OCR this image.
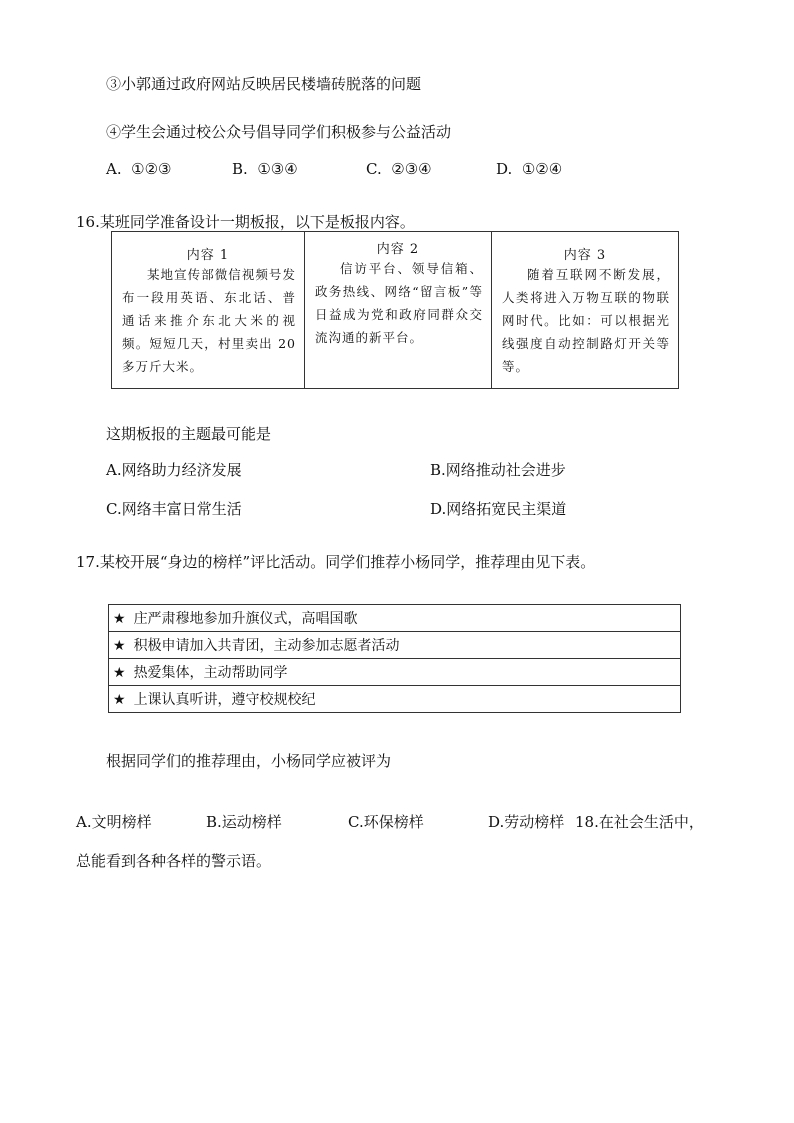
③小郭通过政府网站反映居民楼墙砖脱落的问题
④学生会通过校公众号倡导同学们积极参与公益活动
A. ①②③	B. ①③④	C. ②③④	D. ①②④
16.某班同学准备设计一期板报，以下是板报内容。
内容 1
某地宣传部微信视频号发布一段用英语、东北话、普通话来推介东北大米的视频。短短几天，村里卖出 20 多万斤大米。

内容 2
信访平台、领导信箱、政务热线、网络“留言板”等日益成为党和政府同群众交流沟通的新平台。

内容 3
随着互联网不断发展，人类将进入万物互联的物联网时代。比如：可以根据光线强度自动控制路灯开关等等。
这期板报的主题最可能是
A.网络助力经济发展	B.网络推动社会进步
C.网络丰富日常生活	D.网络拓宽民主渠道
17.某校开展“身边的榜样”评比活动。同学们推荐小杨同学，推荐理由见下表。
★ 庄严肃穆地参加升旗仪式，高唱国歌
★ 积极申请加入共青团，主动参加志愿者活动
★ 热爱集体，主动帮助同学
★ 上课认真听讲，遵守校规校纪
根据同学们的推荐理由，小杨同学应被评为
A.文明榜样	B.运动榜样	C.环保榜样	D.劳动榜样 18.在社会生活中，
总能看到各种各样的警示语。
